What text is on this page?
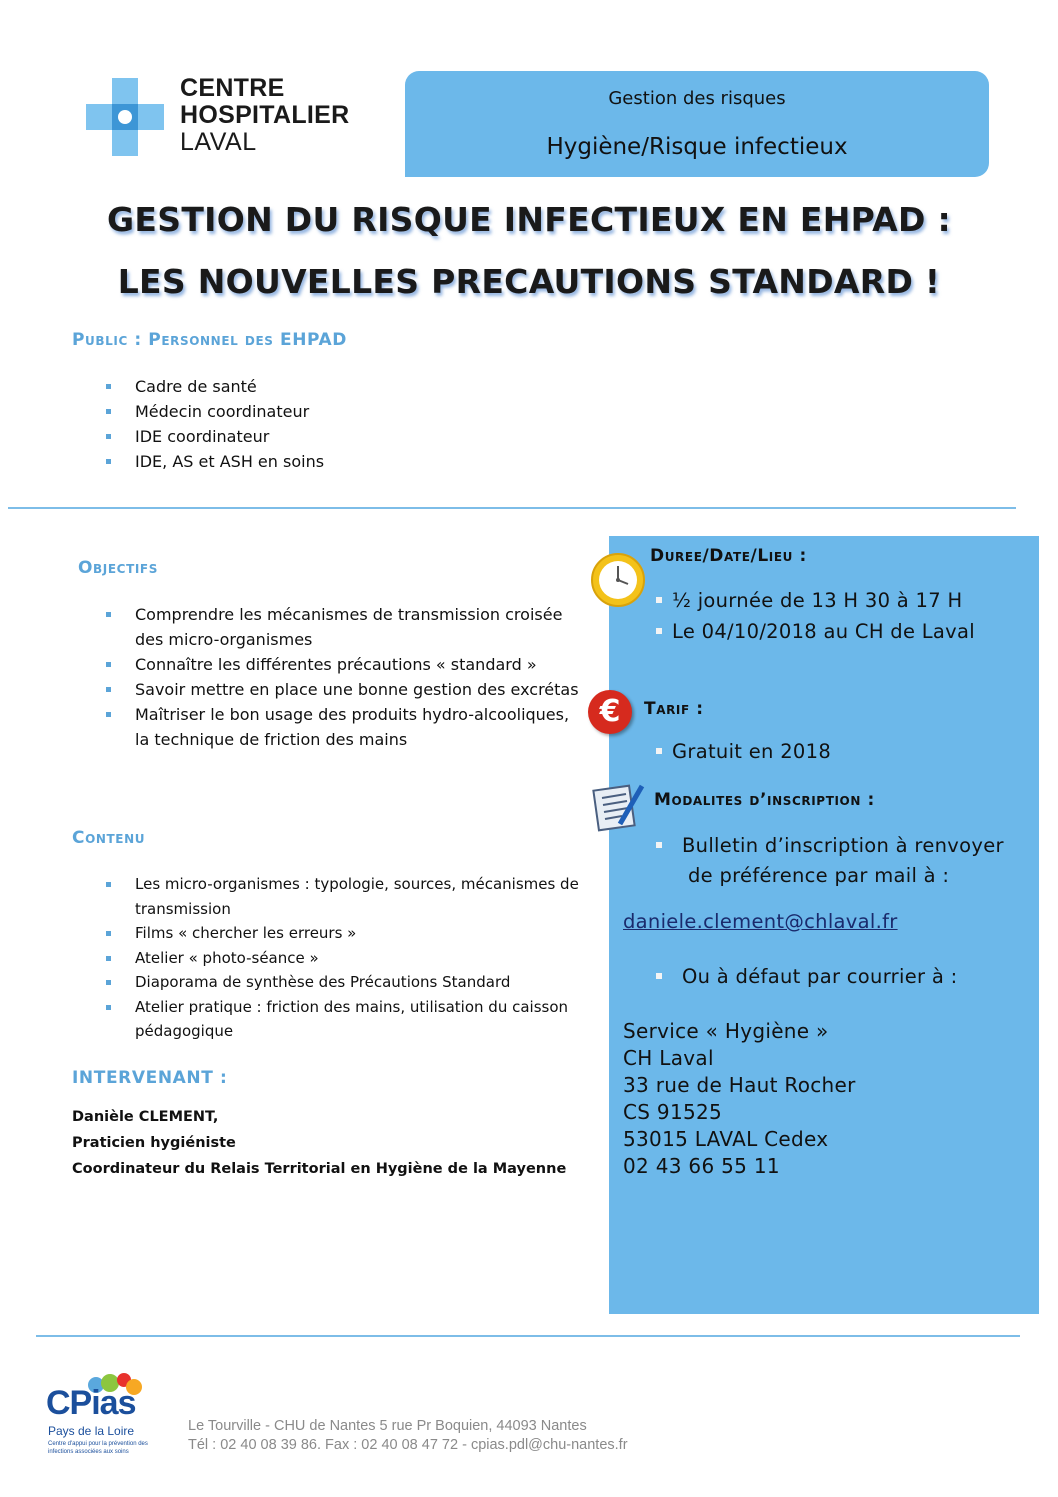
CENTRE
HOSPITALIER
LAVAL
Gestion des risques
Hygiène/Risque infectieux
GESTION DU RISQUE INFECTIEUX EN EHPAD :
LES NOUVELLES PRECAUTIONS STANDARD !
Public : Personnel des EHPAD
Cadre de santé
Médecin coordinateur
IDE coordinateur
IDE, AS et ASH en soins
Objectifs
Comprendre les mécanismes de transmission croisée des micro-organismes
Connaître les différentes précautions « standard »
Savoir mettre en place une bonne gestion des excrétas
Maîtriser le bon usage des produits hydro-alcooliques, la technique de friction des mains
Contenu
Les micro-organismes : typologie, sources, mécanismes de transmission
Films « chercher les erreurs »
Atelier « photo-séance »
Diaporama de synthèse des Précautions Standard
Atelier pratique : friction des mains, utilisation du caisson pédagogique
INTERVENANT :
Danièle CLEMENT,
Praticien hygiéniste
Coordinateur du Relais Territorial en Hygiène de la Mayenne
Duree/Date/Lieu :
½ journée de 13 H 30 à 17 H
Le 04/10/2018 au CH de Laval
€	Tarif :
Gratuit en 2018
Modalites d’inscription :
Bulletin d’inscription à renvoyer
de préférence par mail à :
daniele.clement@chlaval.fr
Ou à défaut par courrier à :
Service « Hygiène »
CH Laval
33 rue de Haut Rocher
CS 91525
53015 LAVAL Cedex
02 43 66 55 11
CPias
Pays de la Loire
Centre d'appui pour la prévention des infections associées aux soins
Le Tourville - CHU de Nantes 5 rue Pr Boquien, 44093 Nantes
Tél : 02 40 08 39 86. Fax : 02 40 08 47 72 - cpias.pdl@chu-nantes.fr
